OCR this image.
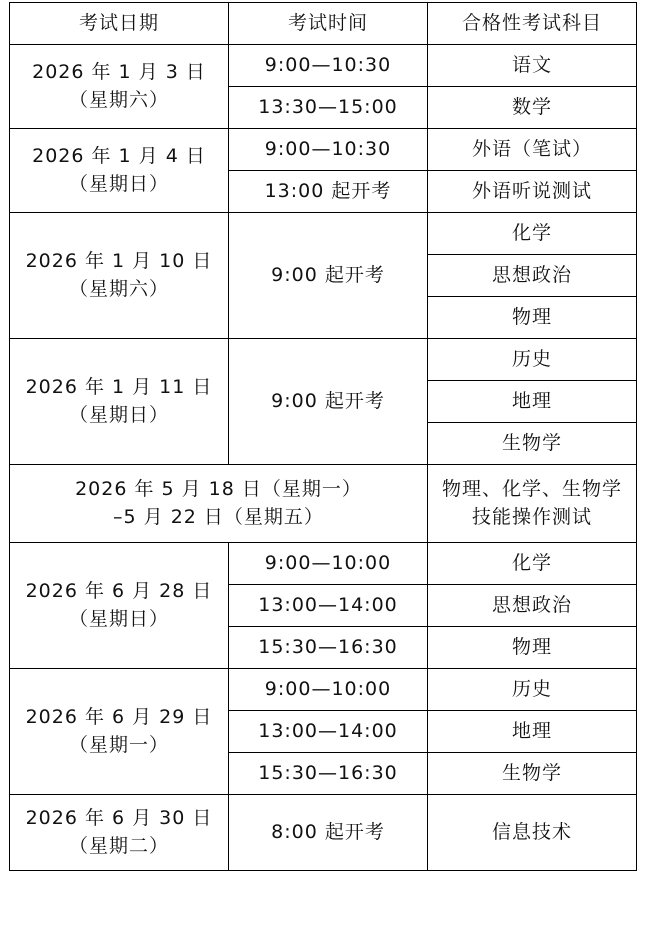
考试日期	考试时间	合格性考试科目

2026 年 1 月 3 日
（星期六）	9:00—10:30	语文
	13:30—15:00	数学

2026 年 1 月 4 日
（星期日）	9:00—10:30	外语（笔试）
	13:00 起开考	外语听说测试

2026 年 1 月 10 日
（星期六）	9:00 起开考	化学
		思想政治
		物理

2026 年 1 月 11 日
（星期日）	9:00 起开考	历史
		地理
		生物学

2026 年 5 月 18 日（星期一）
–5 月 22 日（星期五）		物理、化学、生物学
技能操作测试

2026 年 6 月 28 日
（星期日）	9:00—10:00	化学
	13:00—14:00	思想政治
	15:30—16:30	物理

2026 年 6 月 29 日
（星期一）	9:00—10:00	历史
	13:00—14:00	地理
	15:30—16:30	生物学

2026 年 6 月 30 日
（星期二）	8:00 起开考	信息技术
